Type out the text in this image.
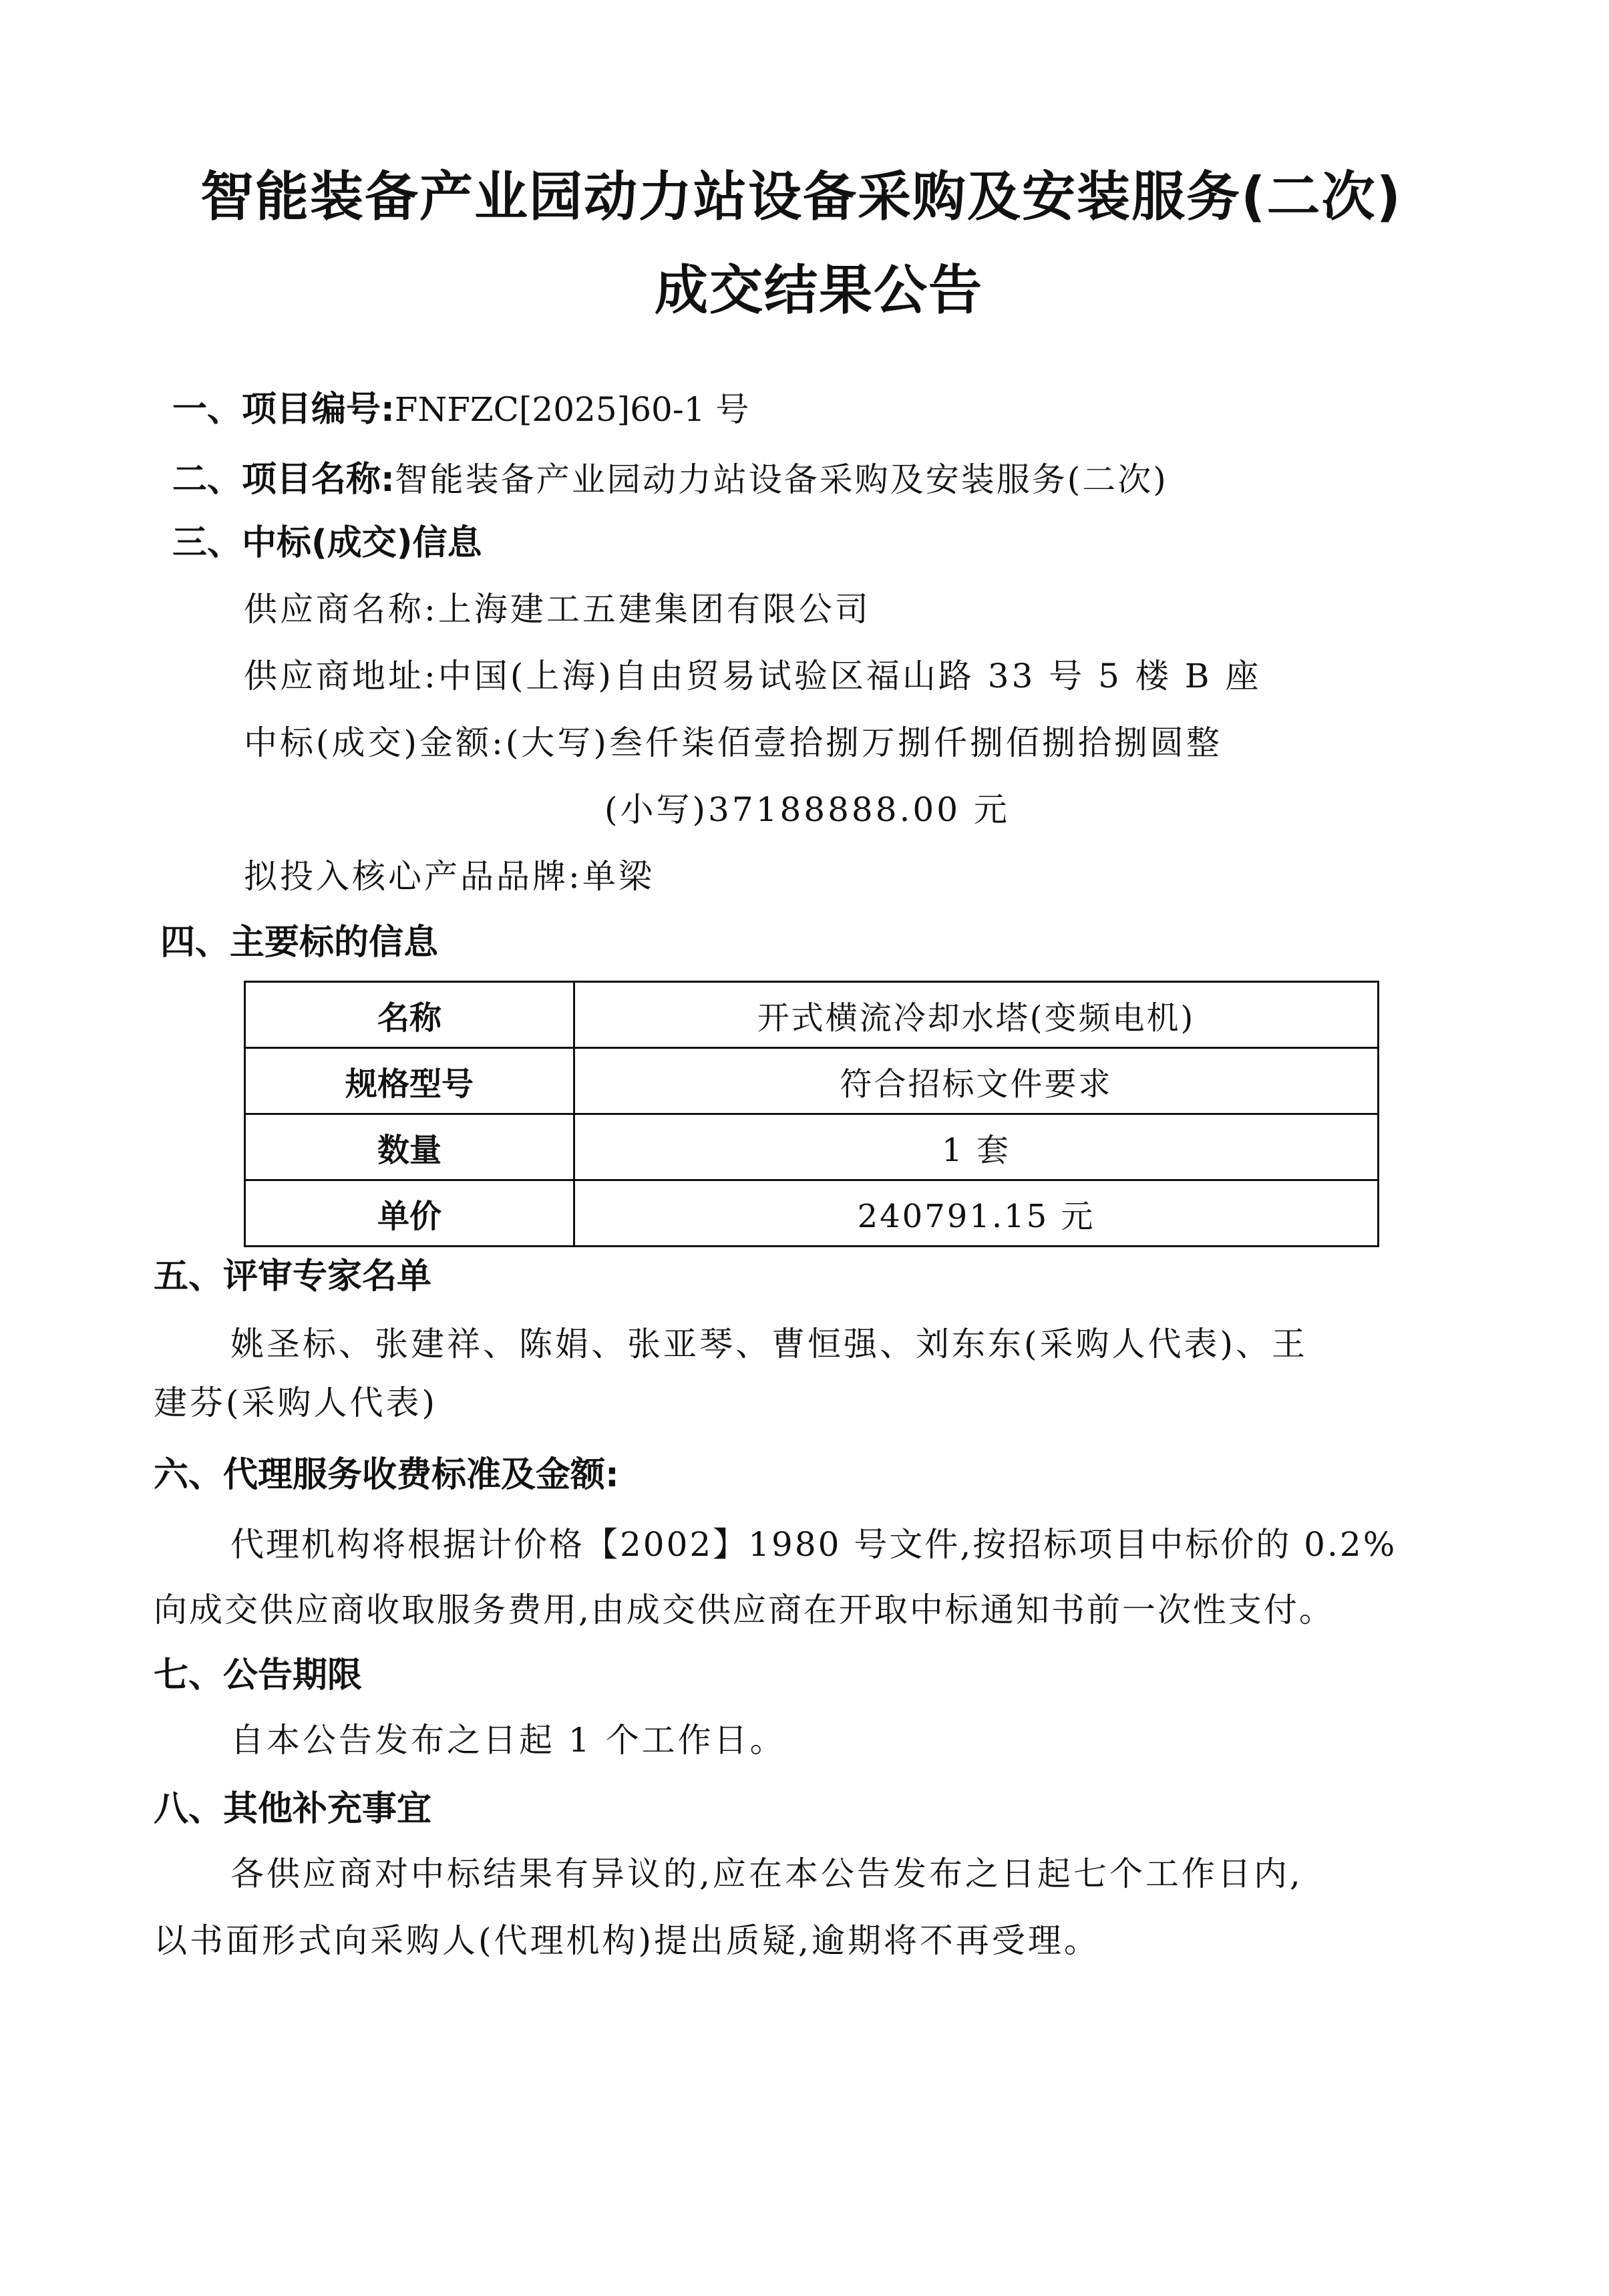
智能装备产业园动力站设备采购及安装服务(二次)
成交结果公告
一、项目编号:FNFZC[2025]60-1 号
二、项目名称:智能装备产业园动力站设备采购及安装服务(二次)
三、中标(成交)信息
供应商名称:上海建工五建集团有限公司
供应商地址:中国(上海)自由贸易试验区福山路 33 号 5 楼 B 座
中标(成交)金额:(大写)叁仟柒佰壹拾捌万捌仟捌佰捌拾捌圆整
(小写)37188888.00 元
拟投入核心产品品牌:单梁
四、主要标的信息
名称	开式横流冷却水塔(变频电机)
规格型号	符合招标文件要求
数量	1 套
单价	240791.15 元
五、评审专家名单
姚圣标、张建祥、陈娟、张亚琴、曹恒强、刘东东(采购人代表)、王
建芬(采购人代表)
六、代理服务收费标准及金额:
代理机构将根据计价格【2002】1980 号文件,按招标项目中标价的 0.2%
向成交供应商收取服务费用,由成交供应商在开取中标通知书前一次性支付。
七、公告期限
自本公告发布之日起 1 个工作日。
八、其他补充事宜
各供应商对中标结果有异议的,应在本公告发布之日起七个工作日内,
以书面形式向采购人(代理机构)提出质疑,逾期将不再受理。
